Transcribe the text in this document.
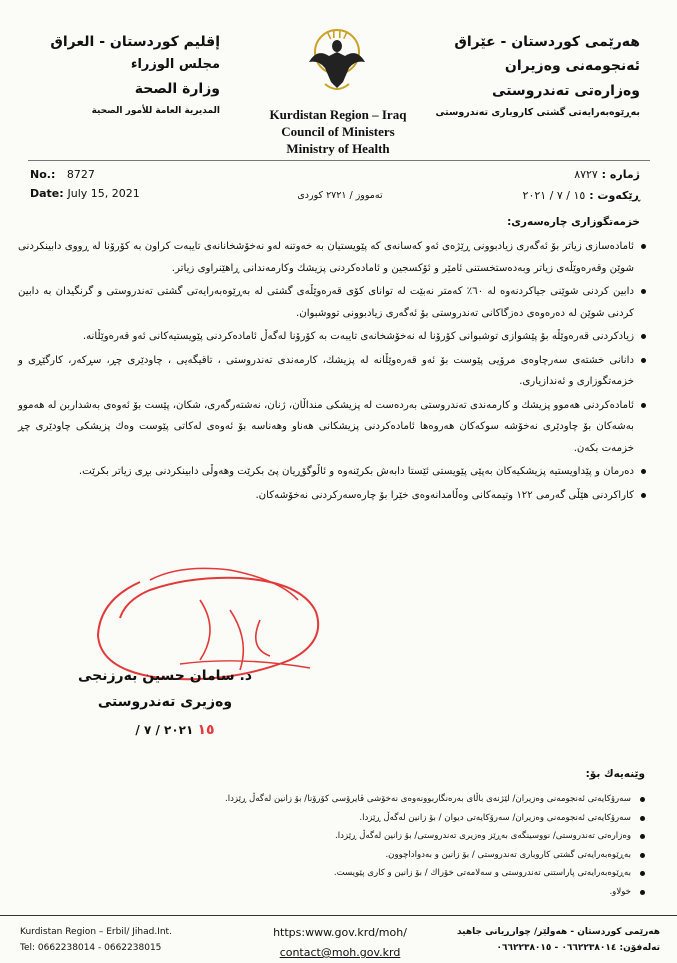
إقليم كوردستان - العراق
مجلس الوزراء
وزارة الصحة
المديرية العامة للأمور الصحية	Kurdistan Region – Iraq
Council of Ministers
Ministry of Health
هەرێمی كوردستان - عێراق
ئەنجومەنی وەزیران
وەزارەتی تەندروستی
بەڕێوەبەرایەتی گشتی كاروباری تەندروستی
No.: 8727
Date: July 15, 2021	تەمووز / ٢٧٢١ كوردی
ژمارە : ٨٧٢٧
ڕێكەوت : ١٥ / ٧ / ٢٠٢١
خزمەتگوزاری چارەسەری:
ئامادەسازی زیاتر بۆ ئەگەری زیادبوونی ڕێژەی ئەو كەسانەی كە پێویستیان بە خەوتنە لەو نەخۆشخانانەی تایبەت كراون بە كۆرۆنا لە ڕووی دابینكردنی شوێن وقەرەوێڵەی زیاتر وبەدەستخستنی ئامێر و ئۆكسجین و ئامادەكردنی پزیشك وكارمەندانی ڕاهێنراوی زیاتر.
دابین كردنی شوێنی جیاكردنەوە لە ٦٠٪ كەمتر نەبێت لە توانای كۆی قەرەوێڵەی گشتی لە بەڕێوەبەرایەتی گشتی تەندروستی و گرنگیدان بە دابین كردنی شوێن لە دەرەوەی دەزگاكانی تەندروستی بۆ ئەگەری زیادبوونی تووشبوان.
زیادكردنی قەرەوێڵە بۆ پێشوازی توشبوانی كۆرۆنا لە نەخۆشخانەی تایبەت بە كۆرۆنا لەگەڵ ئامادەكردنی پێویستیەكانی ئەو قەرەوێڵانە.
دانانی خشتەی سەرچاوەی مرۆیی پێوست بۆ ئەو قەرەوێڵانە لە پزیشك، كارمەندی تەندروستی ، تاقیگەیی ، چاودێری چڕ، سڕكەر، كارگێڕی و خزمەتگوزاری و ئەندازیاری.
ئامادەكردنی هەموو پزیشك و كارمەندی تەندروستی بەردەست لە پزیشكی منداڵان، ژنان، نەشتەرگەری، شكان، پێست بۆ ئەوەی بەشداربن لە هەموو بەشەكان بۆ چاودێری نەخۆشە سوكەكان هەروەها ئامادەكردنی پزیشكانی هەناو وهەناسە بۆ ئەوەی لەكاتی پێوست وەك پزیشكی چاودێری چڕ خزمەت بكەن.
دەرمان و پێداویستیە پزیشكیەكان بەپێی پێویستی ئێستا دابەش بكرێنەوە و ئاڵوگۆڕیان پێ بكرێت وهەوڵی دابینكردنی بڕی زیاتر بكرێت.
كاراكردنی هێڵی گەرمی ١٢٢ وتیمەكانی وەڵامدانەوەی خێرا بۆ چارەسەركردنی نەخۆشەكان.
د. سامان حسین بەرزنجی
وەزیری تەندروستی
١٥ ٢٠٢١ / ٧ /
وێنەیەك بۆ:
سەرۆكایەتی ئەنجومەنی وەزیران/ لێژنەی باڵای بەرەنگاربوونەوەی نەخۆشی ڤایرۆسی كۆرۆنا/ بۆ زانین لەگەڵ ڕێزدا.
سەرۆكایەتی ئەنجومەنی وەزیران/ سەرۆكایەتی دیوان / بۆ زانین لەگەڵ ڕێزدا.
وەزارەتی تەندروستی/ نووسینگەی بەڕێز وەزیری تەندروستی/ بۆ زانین لەگەڵ ڕێزدا.
بەڕێوەبەرایەتی گشتی كاروباری تەندروستی / بۆ زانین و بەدواداچوون.
بەڕێوەبەرایەتی پاراستنی تەندروستی و سەلامەتی خۆراك / بۆ زانین و كاری پێویست.
خولاو.
Kurdistan Region – Erbil/ Jihad.Int.
Tel: 0662238014 - 0662238015
https:www.gov.krd/moh/
contact@moh.gov.krd
هەرێمی كوردستان - هەولێر/ چوارڕیانی جاهید
تەلەفۆن: ٠٦٦٢٢٣٨٠١٤ - ٠٦٦٢٢٣٨٠١٥
